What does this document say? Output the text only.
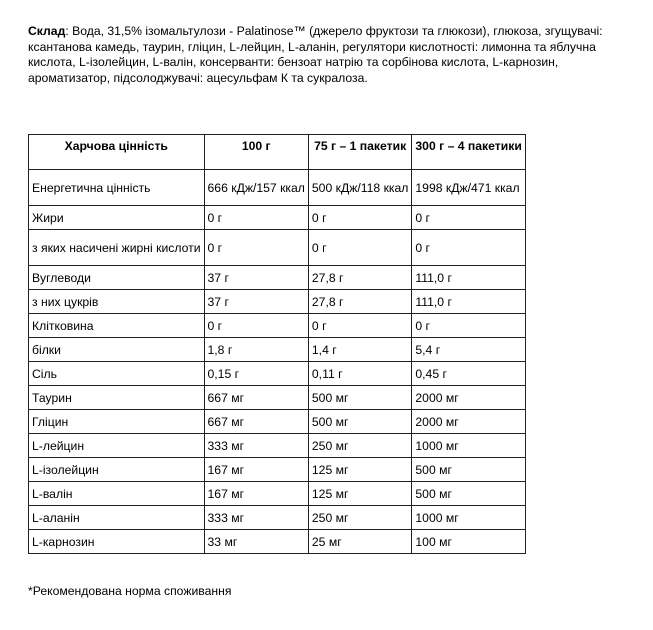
Склад: Вода, 31,5% ізомальтулози - Palatinose™ (джерело фруктози та глюкози), глюкоза, згущувачі: ксантанова камедь, таурин, гліцин, L-лейцин, L-аланін, регулятори кислотності: лимонна та яблучна кислота, L-ізолейцин, L-валін, консерванти: бензоат натрію та сорбінова кислота, L-карнозин, ароматизатор, підсолоджувачі: ацесульфам К та сукралоза.
Харчова цінність	100 г	75 г – 1 пакетик	300 г – 4 пакетики
Енергетична цінність	666 кДж/157 ккал	500 кДж/118 ккал	1998 кДж/471 ккал
Жири	0 г	0 г	0 г
з яких насичені жирні кислоти	0 г	0 г	0 г
Вуглеводи	37 г	27,8 г	111,0 г
з них цукрів	37 г	27,8 г	111,0 г
Клітковина	0 г	0 г	0 г
білки	1,8 г	1,4 г	5,4 г
Сіль	0,15 г	0,11 г	0,45 г
Таурин	667 мг	500 мг	2000 мг
Гліцин	667 мг	500 мг	2000 мг
L-лейцин	333 мг	250 мг	1000 мг
L-ізолейцин	167 мг	125 мг	500 мг
L-валін	167 мг	125 мг	500 мг
L-аланін	333 мг	250 мг	1000 мг
L-карнозин	33 мг	25 мг	100 мг
*Рекомендована норма споживання
